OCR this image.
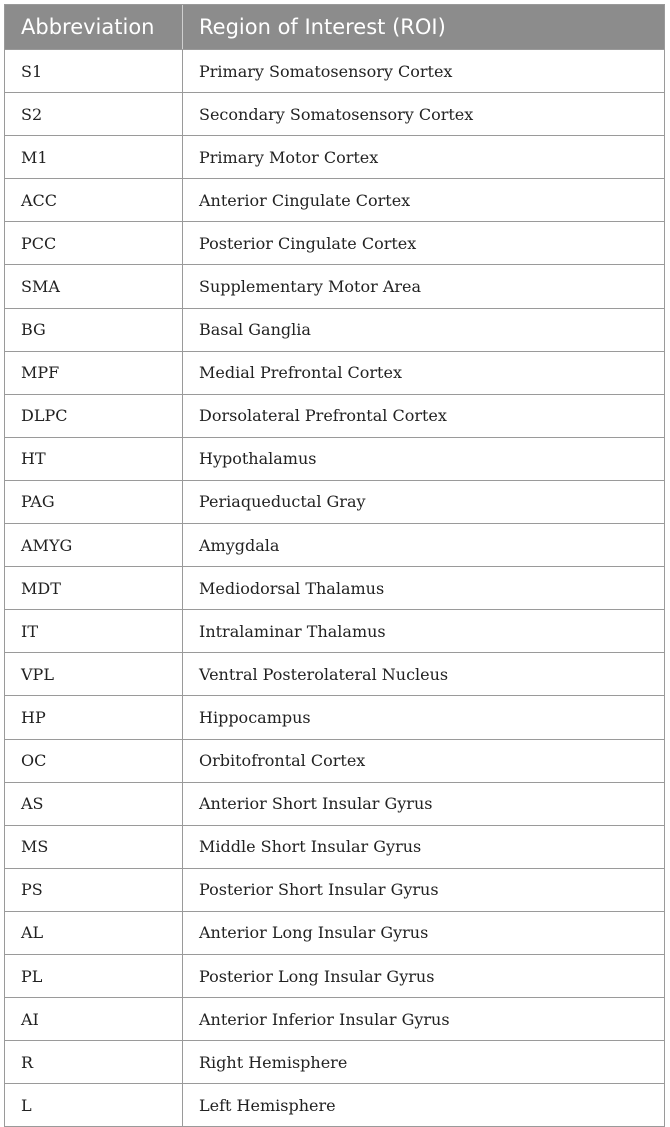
Abbreviation	Region of Interest (ROI)
S1	Primary Somatosensory Cortex
S2	Secondary Somatosensory Cortex
M1	Primary Motor Cortex
ACC	Anterior Cingulate Cortex
PCC	Posterior Cingulate Cortex
SMA	Supplementary Motor Area
BG	Basal Ganglia
MPF	Medial Prefrontal Cortex
DLPC	Dorsolateral Prefrontal Cortex
HT	Hypothalamus
PAG	Periaqueductal Gray
AMYG	Amygdala
MDT	Mediodorsal Thalamus
IT	Intralaminar Thalamus
VPL	Ventral Posterolateral Nucleus
HP	Hippocampus
OC	Orbitofrontal Cortex
AS	Anterior Short Insular Gyrus
MS	Middle Short Insular Gyrus
PS	Posterior Short Insular Gyrus
AL	Anterior Long Insular Gyrus
PL	Posterior Long Insular Gyrus
AI	Anterior Inferior Insular Gyrus
R	Right Hemisphere
L	Left Hemisphere
